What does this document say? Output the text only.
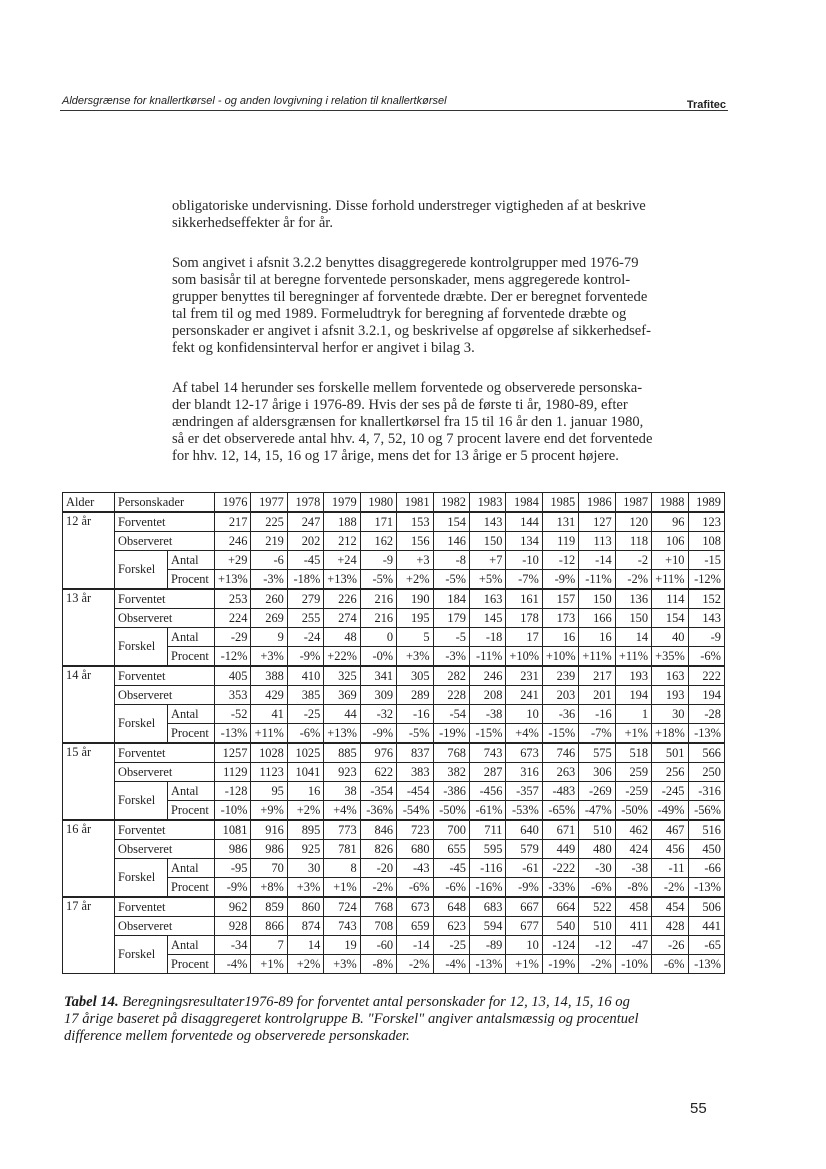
Aldersgrænse for knallertkørsel - og anden lovgivning i relation til knallertkørsel	Trafitec
obligatoriske undervisning. Disse forhold understreger vigtigheden af at beskrive
sikkerhedseffekter år for år.
Som angivet i afsnit 3.2.2 benyttes disaggregerede kontrolgrupper med 1976-79
som basisår til at beregne forventede personskader, mens aggregerede kontrol-
grupper benyttes til beregninger af forventede dræbte. Der er beregnet forventede
tal frem til og med 1989. Formeludtryk for beregning af forventede dræbte og
personskader er angivet i afsnit 3.2.1, og beskrivelse af opgørelse af sikkerhedsef-
fekt og konfidensinterval herfor er angivet i bilag 3.
Af tabel 14 herunder ses forskelle mellem forventede og observerede personska-
der blandt 12-17 årige i 1976-89. Hvis der ses på de første ti år, 1980-89, efter
ændringen af aldersgrænsen for knallertkørsel fra 15 til 16 år den 1. januar 1980,
så er det observerede antal hhv. 4, 7, 52, 10 og 7 procent lavere end det forventede
for hhv. 12, 14, 15, 16 og 17 årige, mens det for 13 årige er 5 procent højere.
Alder	Personskader		1976	1977	1978	1979	1980	1981	1982	1983	1984	1985	1986	1987	1988	1989
12 år	Forventet		217	225	247	188	171	153	154	143	144	131	127	120	96	123
	Observeret		246	219	202	212	162	156	146	150	134	119	113	118	106	108
	Forskel	Antal	+29	-6	-45	+24	-9	+3	-8	+7	-10	-12	-14	-2	+10	-15
		Procent	+13%	-3%	-18%	+13%	-5%	+2%	-5%	+5%	-7%	-9%	-11%	-2%	+11%	-12%
13 år	Forventet		253	260	279	226	216	190	184	163	161	157	150	136	114	152
	Observeret		224	269	255	274	216	195	179	145	178	173	166	150	154	143
	Forskel	Antal	-29	9	-24	48	0	5	-5	-18	17	16	16	14	40	-9
		Procent	-12%	+3%	-9%	+22%	-0%	+3%	-3%	-11%	+10%	+10%	+11%	+11%	+35%	-6%
14 år	Forventet		405	388	410	325	341	305	282	246	231	239	217	193	163	222
	Observeret		353	429	385	369	309	289	228	208	241	203	201	194	193	194
	Forskel	Antal	-52	41	-25	44	-32	-16	-54	-38	10	-36	-16	1	30	-28
		Procent	-13%	+11%	-6%	+13%	-9%	-5%	-19%	-15%	+4%	-15%	-7%	+1%	+18%	-13%
15 år	Forventet		1257	1028	1025	885	976	837	768	743	673	746	575	518	501	566
	Observeret		1129	1123	1041	923	622	383	382	287	316	263	306	259	256	250
	Forskel	Antal	-128	95	16	38	-354	-454	-386	-456	-357	-483	-269	-259	-245	-316
		Procent	-10%	+9%	+2%	+4%	-36%	-54%	-50%	-61%	-53%	-65%	-47%	-50%	-49%	-56%
16 år	Forventet		1081	916	895	773	846	723	700	711	640	671	510	462	467	516
	Observeret		986	986	925	781	826	680	655	595	579	449	480	424	456	450
	Forskel	Antal	-95	70	30	8	-20	-43	-45	-116	-61	-222	-30	-38	-11	-66
		Procent	-9%	+8%	+3%	+1%	-2%	-6%	-6%	-16%	-9%	-33%	-6%	-8%	-2%	-13%
17 år	Forventet		962	859	860	724	768	673	648	683	667	664	522	458	454	506
	Observeret		928	866	874	743	708	659	623	594	677	540	510	411	428	441
	Forskel	Antal	-34	7	14	19	-60	-14	-25	-89	10	-124	-12	-47	-26	-65
		Procent	-4%	+1%	+2%	+3%	-8%	-2%	-4%	-13%	+1%	-19%	-2%	-10%	-6%	-13%
Tabel 14. Beregningsresultater1976-89 for forventet antal personskader for 12, 13, 14, 15, 16 og
17 årige baseret på disaggregeret kontrolgruppe B. "Forskel" angiver antalsmæssig og procentuel
difference mellem forventede og observerede personskader.
55
